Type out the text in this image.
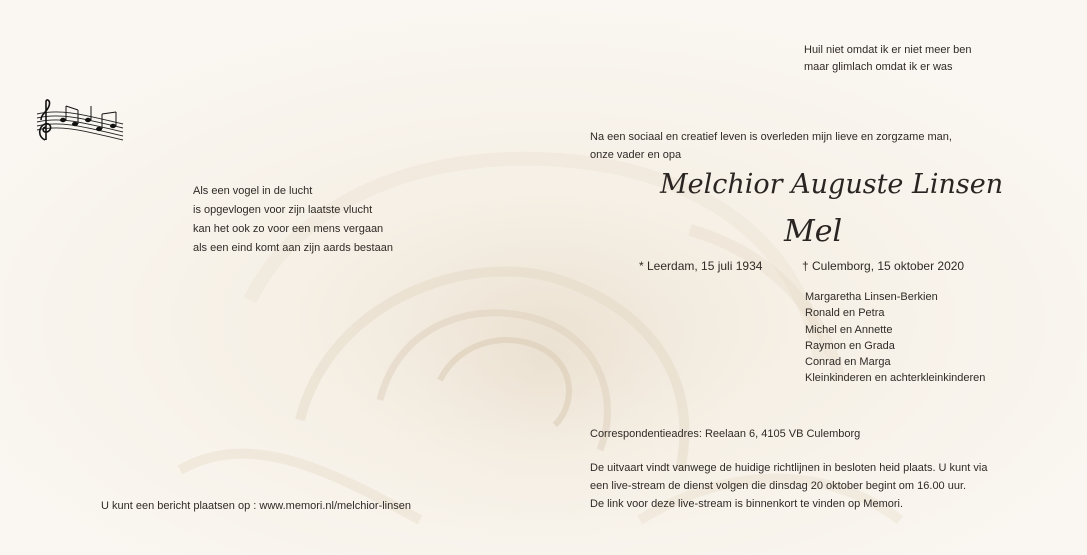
Huil niet omdat ik er niet meer ben
maar glimlach omdat ik er was
Als een vogel in de lucht
is opgevlogen voor zijn laatste vlucht
kan het ook zo voor een mens vergaan
als een eind komt aan zijn aards bestaan
Na een sociaal en creatief leven is overleden mijn lieve en zorgzame man,
onze vader en opa
Melchior Auguste Linsen
Mel
* Leerdam, 15 juli 1934	† Culemborg, 15 oktober 2020
Margaretha Linsen-Berkien
Ronald en Petra
Michel en Annette
Raymon en Grada
Conrad en Marga
Kleinkinderen en achterkleinkinderen
Correspondentieadres: Reelaan 6, 4105 VB Culemborg
De uitvaart vindt vanwege de huidige richtlijnen in besloten heid plaats. U kunt via
een live-stream de dienst volgen die dinsdag 20 oktober begint om 16.00 uur.
De link voor deze live-stream is binnenkort te vinden op Memori.
U kunt een bericht plaatsen op : www.memori.nl/melchior-linsen
